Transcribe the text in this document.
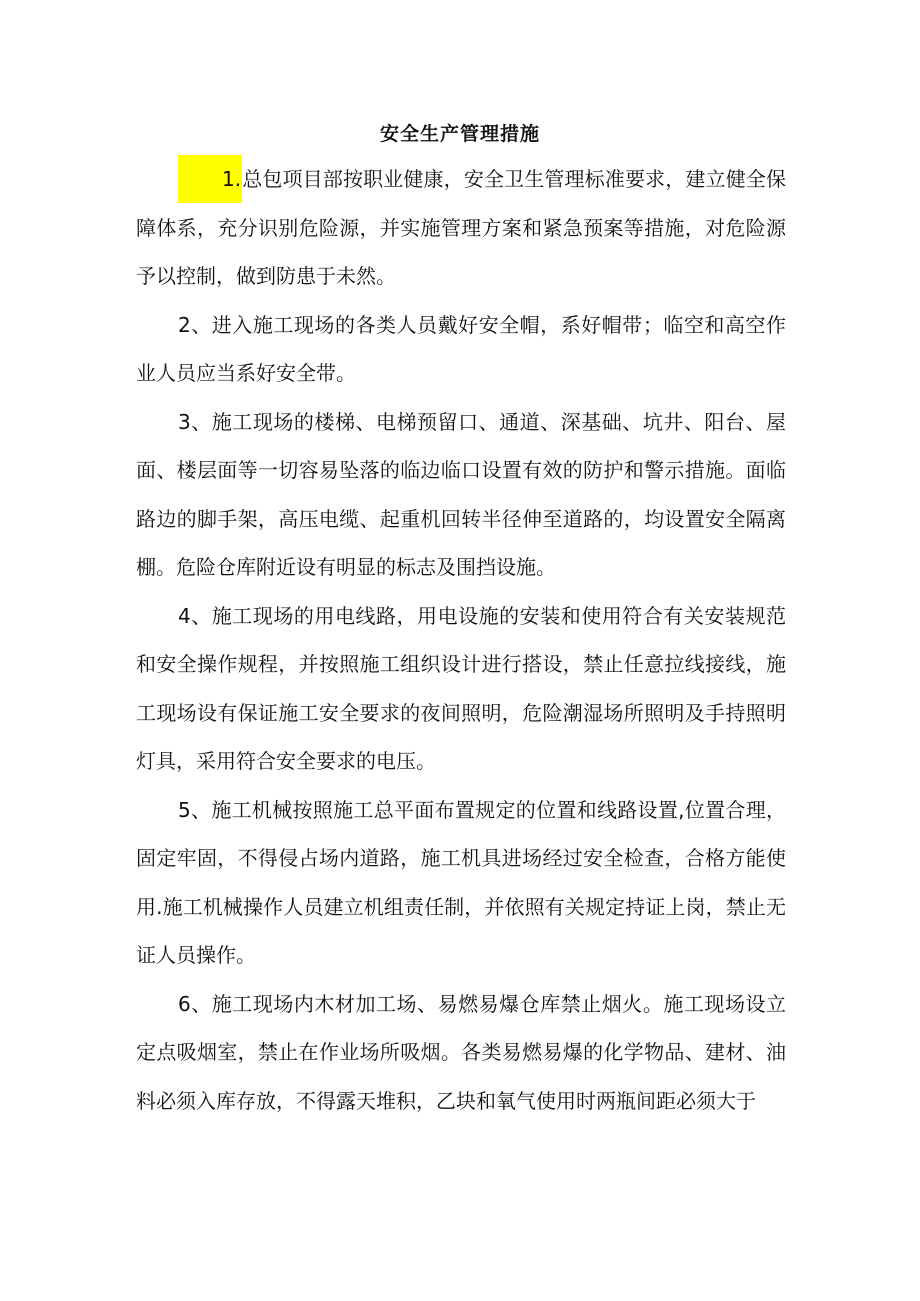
安全生产管理措施

1.总包项目部按职业健康，安全卫生管理标准要求，建立健全保障体系，充分识别危险源，并实施管理方案和紧急预案等措施，对危险源予以控制，做到防患于未然。

2、进入施工现场的各类人员戴好安全帽，系好帽带；临空和高空作业人员应当系好安全带。

3、施工现场的楼梯、电梯预留口、通道、深基础、坑井、阳台、屋面、楼层面等一切容易坠落的临边临口设置有效的防护和警示措施。面临路边的脚手架，高压电缆、起重机回转半径伸至道路的，均设置安全隔离棚。危险仓库附近设有明显的标志及围挡设施。

4、施工现场的用电线路，用电设施的安装和使用符合有关安装规范和安全操作规程，并按照施工组织设计进行搭设，禁止任意拉线接线，施工现场设有保证施工安全要求的夜间照明，危险潮湿场所照明及手持照明灯具，采用符合安全要求的电压。

5、施工机械按照施工总平面布置规定的位置和线路设置,位置合理，固定牢固，不得侵占场内道路，施工机具进场经过安全检查，合格方能使用.施工机械操作人员建立机组责任制，并依照有关规定持证上岗，禁止无证人员操作。

6、施工现场内木材加工场、易燃易爆仓库禁止烟火。施工现场设立定点吸烟室，禁止在作业场所吸烟。各类易燃易爆的化学物品、建材、油料必须入库存放，不得露天堆积，乙块和氧气使用时两瓶间距必须大于
